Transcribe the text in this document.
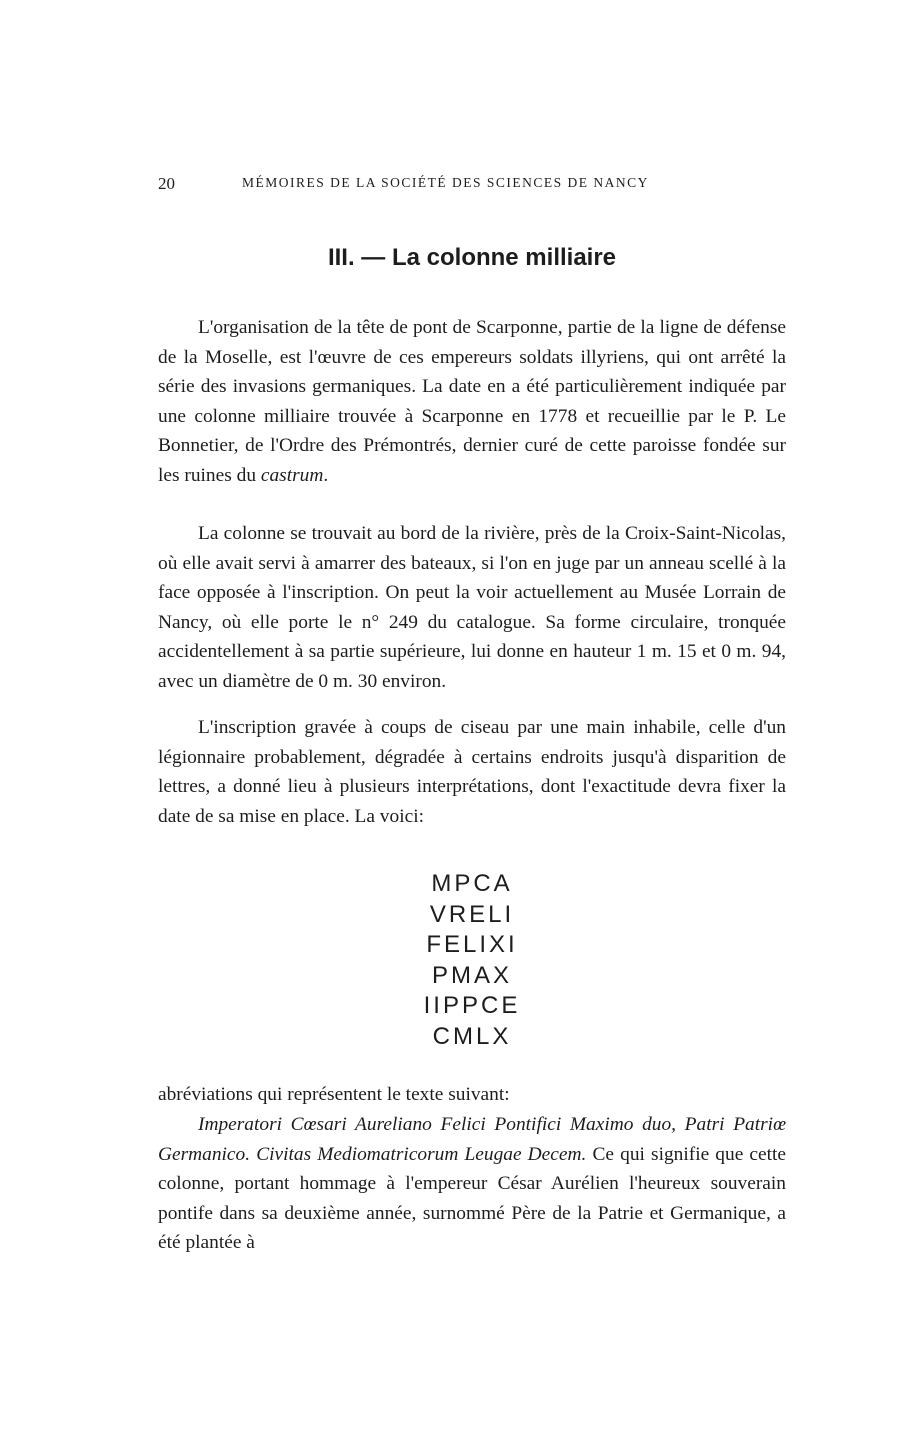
20	MÉMOIRES DE LA SOCIÉTÉ DES SCIENCES DE NANCY
III. — La colonne milliaire

L'organisation de la tête de pont de Scarponne, partie de la ligne de défense de la Moselle, est l'œuvre de ces empereurs soldats illyriens, qui ont arrêté la série des invasions germaniques. La date en a été particulièrement indiquée par une colonne milliaire trouvée à Scarponne en 1778 et recueillie par le P. Le Bonnetier, de l'Ordre des Prémontrés, dernier curé de cette paroisse fondée sur les ruines du castrum.

La colonne se trouvait au bord de la rivière, près de la Croix-Saint-Nicolas, où elle avait servi à amarrer des bateaux, si l'on en juge par un anneau scellé à la face opposée à l'inscription. On peut la voir actuellement au Musée Lorrain de Nancy, où elle porte le n° 249 du catalogue. Sa forme circulaire, tronquée accidentellement à sa partie supérieure, lui donne en hauteur 1 m. 15 et 0 m. 94, avec un diamètre de 0 m. 30 environ.

L'inscription gravée à coups de ciseau par une main inhabile, celle d'un légionnaire probablement, dégradée à certains endroits jusqu'à disparition de lettres, a donné lieu à plusieurs interprétations, dont l'exactitude devra fixer la date de sa mise en place. La voici:

MPCA
VRELI
FELIXI
PMAX
IIPPCE
CMLX

abréviations qui représentent le texte suivant:

Imperatori Cœsari Aureliano Felici Pontifici Maximo duo, Patri Patriœ Germanico. Civitas Mediomatricorum Leugae Decem. Ce qui signifie que cette colonne, portant hommage à l'empereur César Aurélien l'heureux souverain pontife dans sa deuxième année, surnommé Père de la Patrie et Germanique, a été plantée à
